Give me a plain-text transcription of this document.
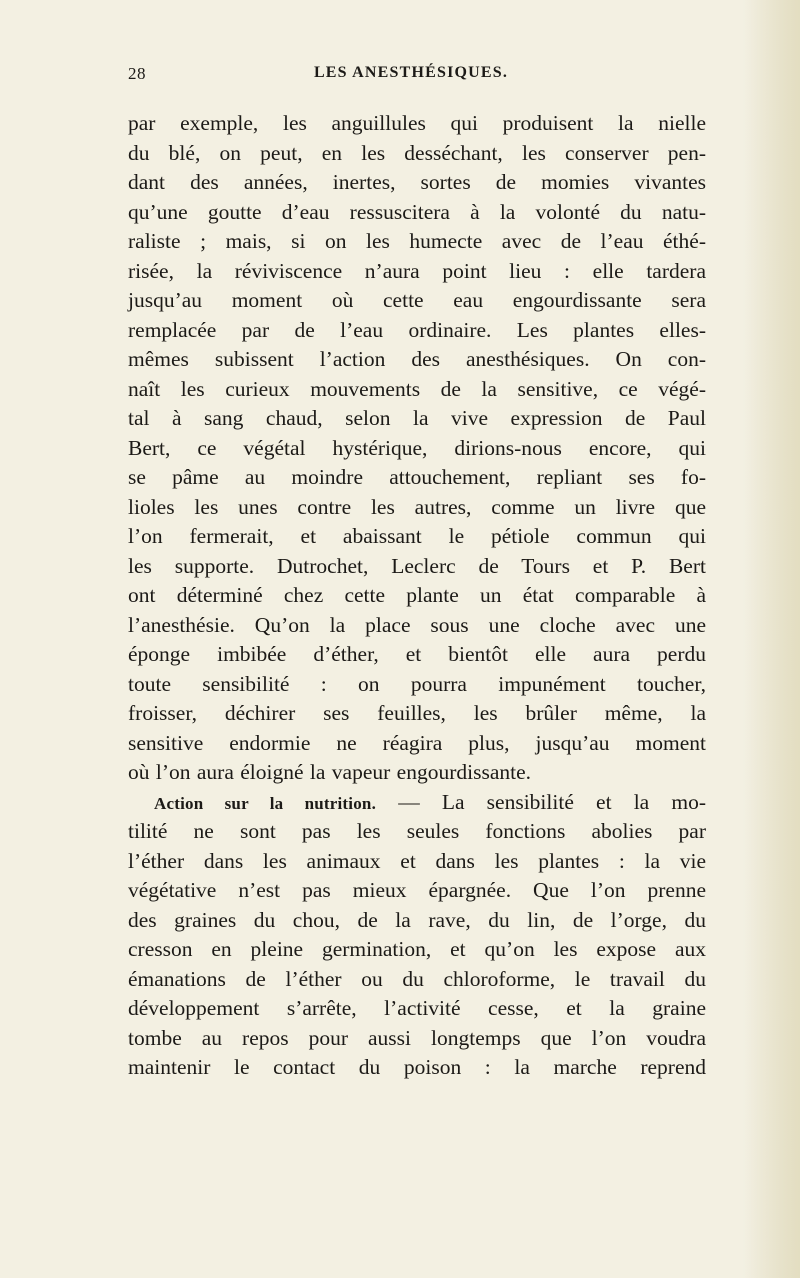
28	LES ANESTHÉSIQUES.
par exemple, les anguillules qui produisent la nielle
du blé, on peut, en les desséchant, les conserver pen-
dant des années, inertes, sortes de momies vivantes
qu’une goutte d’eau ressuscitera à la volonté du natu-
raliste ; mais, si on les humecte avec de l’eau éthé-
risée, la réviviscence n’aura point lieu : elle tardera
jusqu’au moment où cette eau engourdissante sera
remplacée par de l’eau ordinaire. Les plantes elles-
mêmes subissent l’action des anesthésiques. On con-
naît les curieux mouvements de la sensitive, ce végé-
tal à sang chaud, selon la vive expression de Paul
Bert, ce végétal hystérique, dirions-nous encore, qui
se pâme au moindre attouchement, repliant ses fo-
lioles les unes contre les autres, comme un livre que
l’on fermerait, et abaissant le pétiole commun qui
les supporte. Dutrochet, Leclerc de Tours et P. Bert
ont déterminé chez cette plante un état comparable à
l’anesthésie. Qu’on la place sous une cloche avec une
éponge imbibée d’éther, et bientôt elle aura perdu
toute sensibilité : on pourra impunément toucher,
froisser, déchirer ses feuilles, les brûler même, la
sensitive endormie ne réagira plus, jusqu’au moment
où l’on aura éloigné la vapeur engourdissante.
Action sur la nutrition. — La sensibilité et la mo-
tilité ne sont pas les seules fonctions abolies par
l’éther dans les animaux et dans les plantes : la vie
végétative n’est pas mieux épargnée. Que l’on prenne
des graines du chou, de la rave, du lin, de l’orge, du
cresson en pleine germination, et qu’on les expose aux
émanations de l’éther ou du chloroforme, le travail du
développement s’arrête, l’activité cesse, et la graine
tombe au repos pour aussi longtemps que l’on voudra
maintenir le contact du poison : la marche reprend
